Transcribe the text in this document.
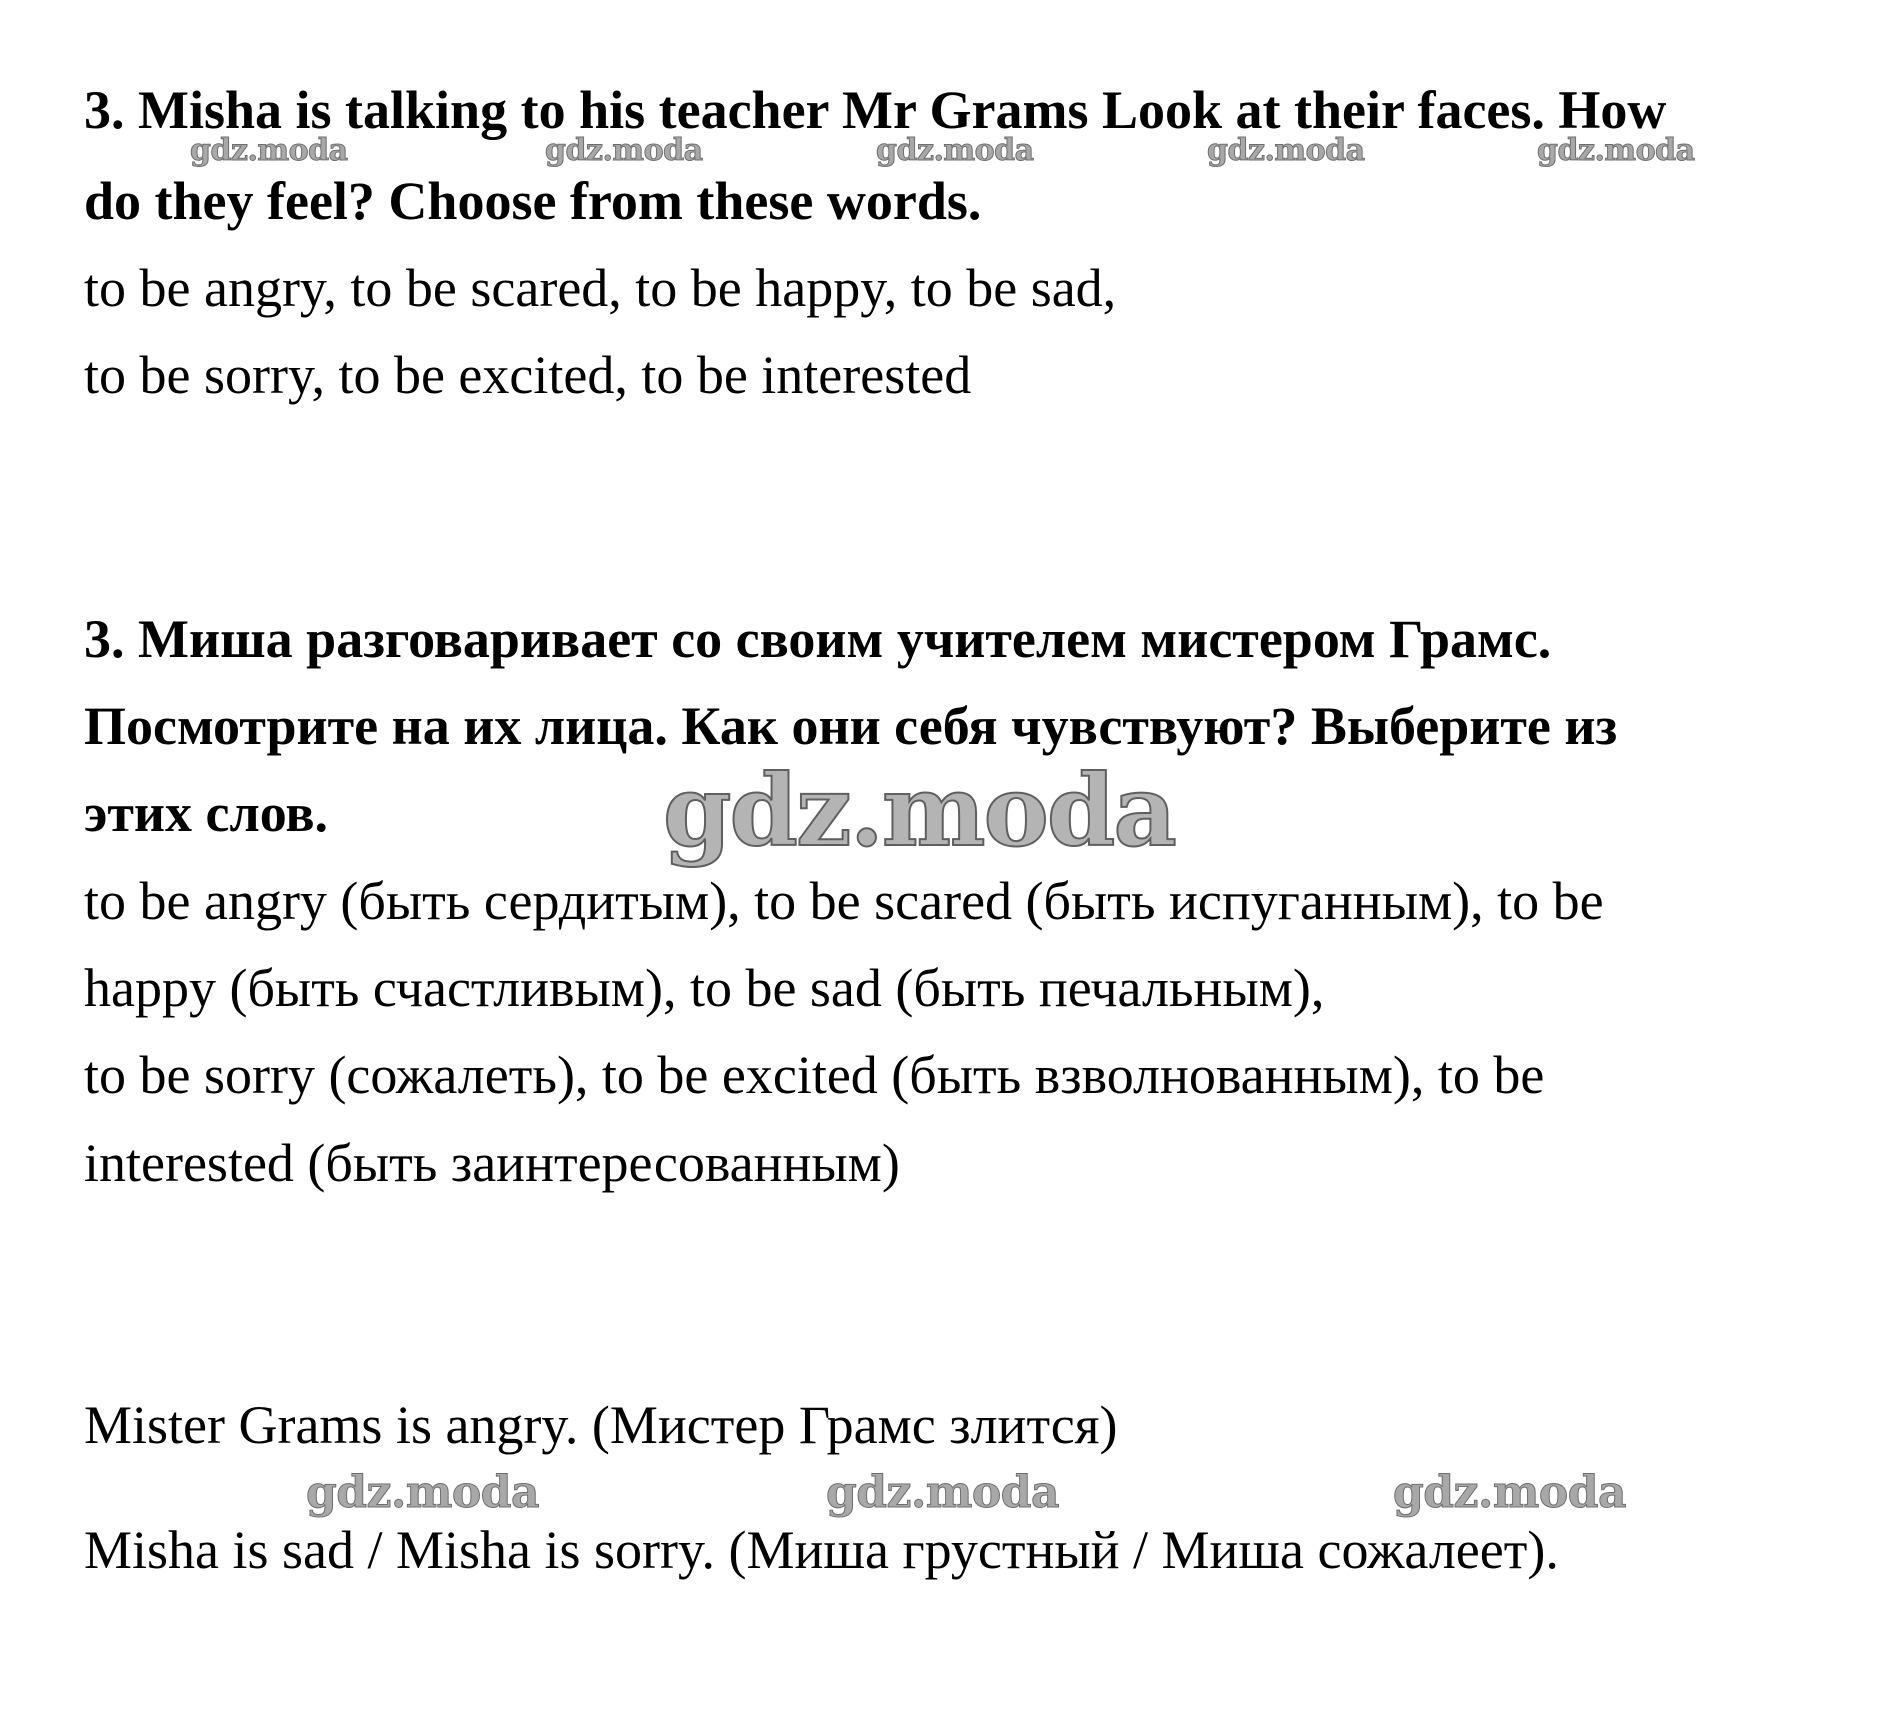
3. Misha is talking to his teacher Mr Grams Look at their faces. How
do they feel? Choose from these words.
to be angry, to be scared, to be happy, to be sad,
to be sorry, to be excited, to be interested
3. Миша разговаривает со своим учителем мистером Грамс.
Посмотрите на их лица. Как они себя чувствуют? Выберите из
этих слов.
to be angry (быть сердитым), to be scared (быть испуганным), to be
happy (быть счастливым), to be sad (быть печальным),
to be sorry (сожалеть), to be excited (быть взволнованным), to be
interested (быть заинтересованным)
Mister Grams is angry. (Мистер Грамс злится)
Misha is sad / Misha is sorry. (Миша грустный / Миша сожалеет).
gdz.moda	gdz.moda	gdz.moda	gdz.moda	gdz.moda
gdz.moda
gdz.moda	gdz.moda	gdz.moda
